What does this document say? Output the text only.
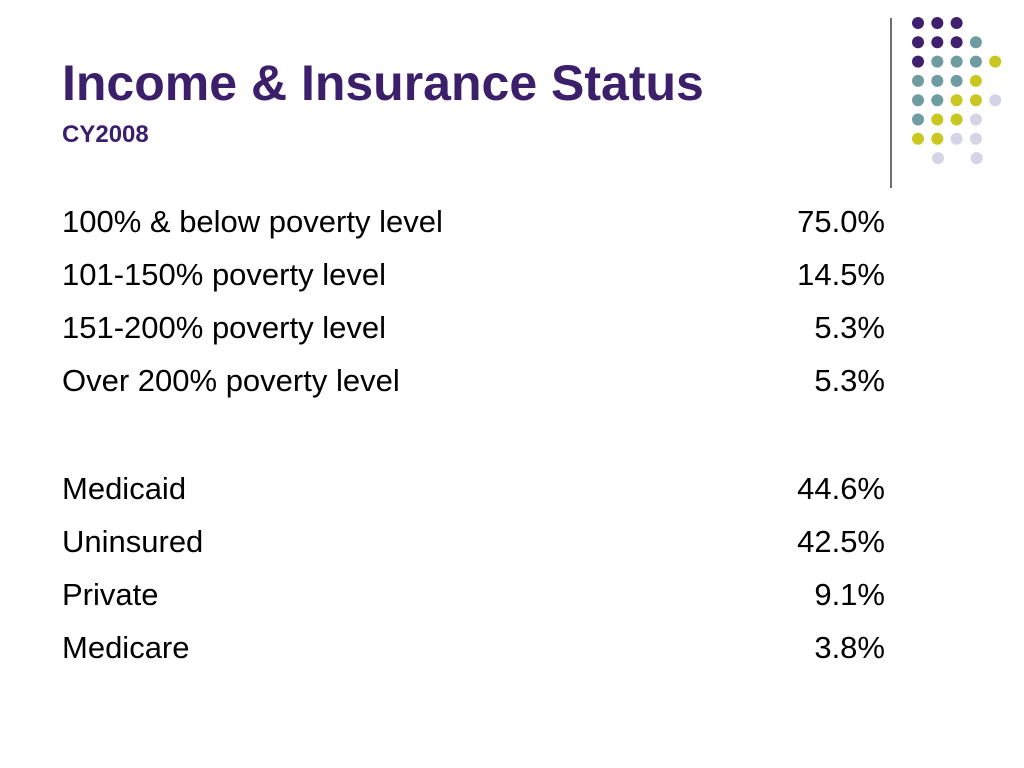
Income & Insurance Status
CY2008
100% & below poverty level	75.0%
101-150% poverty level	14.5%
151-200% poverty level	5.3%
Over 200% poverty level	5.3%
Medicaid	44.6%
Uninsured	42.5%
Private	9.1%
Medicare	3.8%
